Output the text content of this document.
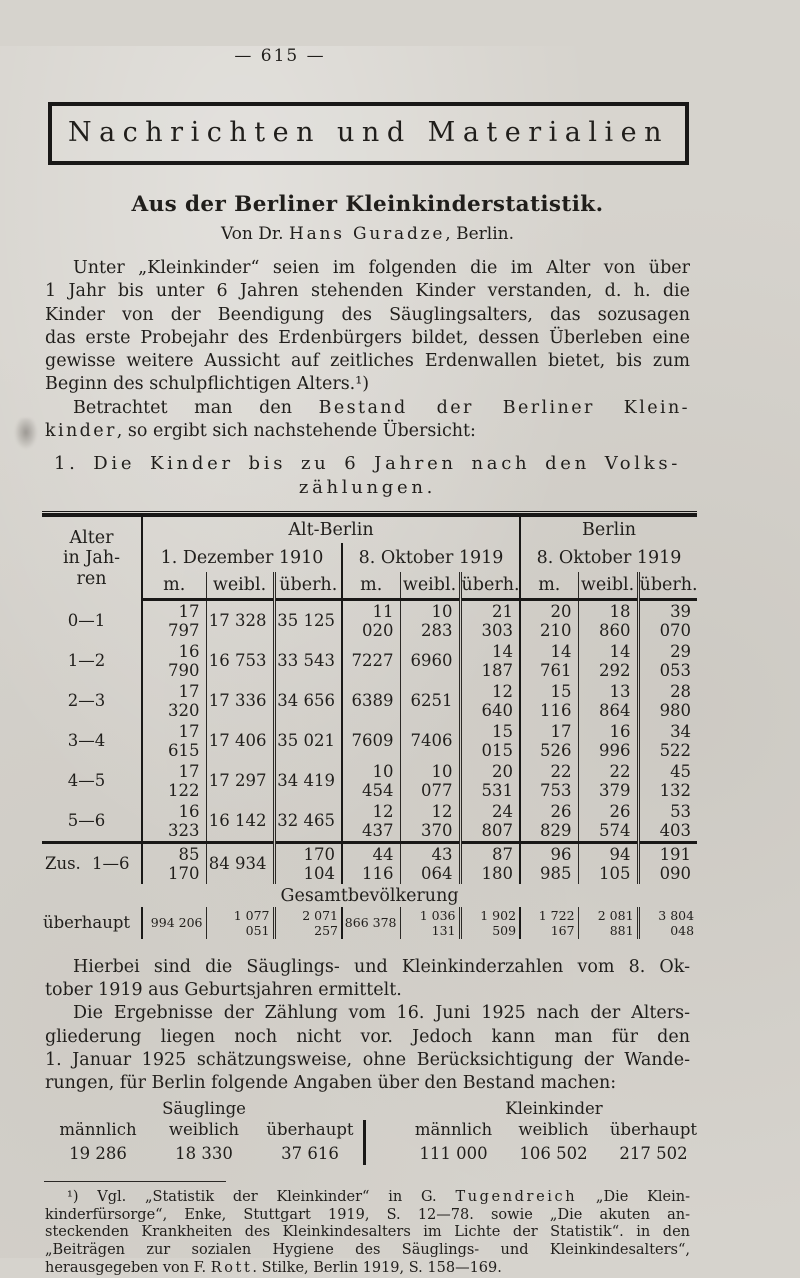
— 615 —
Nachrichten und Materialien
Aus der Berliner Kleinkinderstatistik.
Von Dr. Hans Guradze, Berlin.
Unter „Kleinkinder“ seien im folgenden die im Alter von über
1 Jahr bis unter 6 Jahren stehenden Kinder verstanden, d. h. die
Kinder von der Beendigung des Säuglingsalters, das sozusagen
das erste Probejahr des Erdenbürgers bildet, dessen Überleben eine
gewisse weitere Aussicht auf zeitliches Erdenwallen bietet, bis zum
Beginn des schulpflichtigen Alters.¹)
Betrachtet man den Bestand der Berliner Klein-
kinder, so ergibt sich nachstehende Übersicht:
1. Die Kinder bis zu 6 Jahren nach den Volks-
zählungen.
Alter
in Jah-
ren	Alt-Berlin						Berlin		
	1. Dezember 1910			8. Oktober 1919			8. Oktober 1919		
	m.	weibl.	überh.	m.	weibl.	überh.	m.	weibl.	überh.
0—1	17 797	17 328	35 125	11 020	10 283	21 303	20 210	18 860	39 070
1—2	16 790	16 753	33 543	7227	6960	14 187	14 761	14 292	29 053
2—3	17 320	17 336	34 656	6389	6251	12 640	15 116	13 864	28 980
3—4	17 615	17 406	35 021	7609	7406	15 015	17 526	16 996	34 522
4—5	17 122	17 297	34 419	10 454	10 077	20 531	22 753	22 379	45 132
5—6	16 323	16 142	32 465	12 437	12 370	24 807	26 829	26 574	53 403
Zus. 1—6	85 170	84 934	170 104	44 116	43 064	87 180	96 985	94 105	191 090
Gesamtbevölkerung									
überhaupt	994 206	1 077 051	2 071 257	866 378	1 036 131	1 902 509	1 722 167	2 081 881	3 804 048
Hierbei sind die Säuglings- und Kleinkinderzahlen vom 8. Ok-
tober 1919 aus Geburtsjahren ermittelt.
Die Ergebnisse der Zählung vom 16. Juni 1925 nach der Alters-
gliederung liegen noch nicht vor. Jedoch kann man für den
1. Januar 1925 schätzungsweise, ohne Berücksichtigung der Wande-
rungen, für Berlin folgende Angaben über den Bestand machen:
Säuglinge	Kleinkinder
männlich	weiblich	überhaupt
19 286	18 330	37 616
männlich	weiblich	überhaupt
111 000	106 502	217 502
¹) Vgl. „Statistik der Kleinkinder“ in G. Tugendreich „Die Klein-
kinderfürsorge“, Enke, Stuttgart 1919, S. 12—78. sowie „Die akuten an-
steckenden Krankheiten des Kleinkindesalters im Lichte der Statistik“. in den
„Beiträgen zur sozialen Hygiene des Säuglings- und Kleinkindesalters“,
herausgegeben von F. Rott. Stilke, Berlin 1919, S. 158—169.
